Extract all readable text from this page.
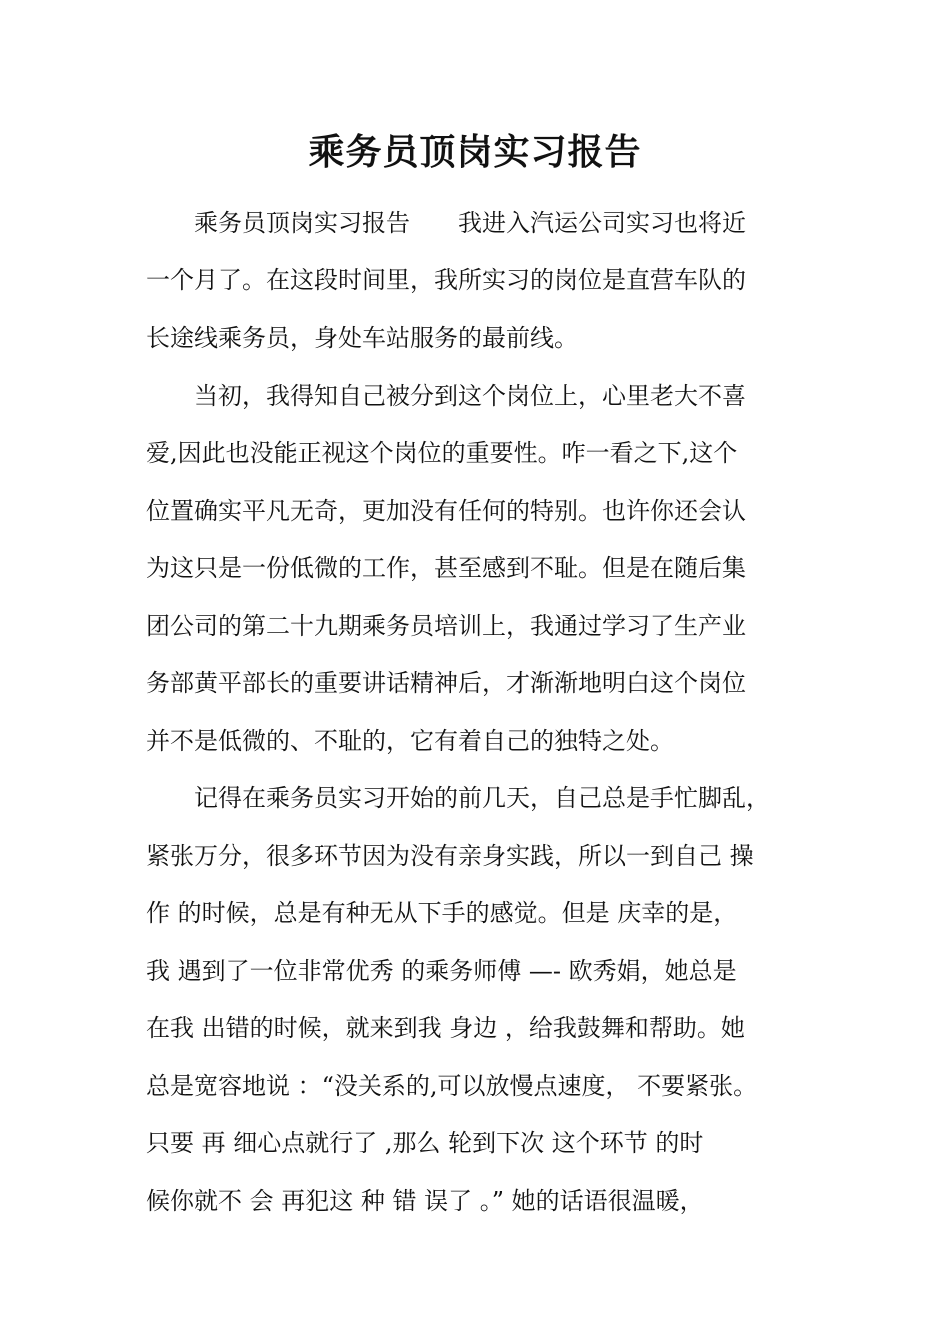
乘务员顶岗实习报告
　　乘务员顶岗实习报告　　我进入汽运公司实习也将近
一个月了。在这段时间里，我所实习的岗位是直营车队的
长途线乘务员，身处车站服务的最前线。
　　当初，我得知自己被分到这个岗位上，心里老大不喜
爱,因此也没能正视这个岗位的重要性。咋一看之下,这个
位置确实平凡无奇，更加没有任何的特别。也许你还会认
为这只是一份低微的工作，甚至感到不耻。但是在随后集
团公司的第二十九期乘务员培训上，我通过学习了生产业
务部黄平部长的重要讲话精神后，才渐渐地明白这个岗位
并不是低微的、不耻的，它有着自己的独特之处。
　　记得在乘务员实习开始的前几天，自己总是手忙脚乱，
紧张万分，很多环节因为没有亲身实践，所以一到自己 操
作 的时候，总是有种无从下手的感觉。但是 庆幸的是，
我 遇到了一位非常优秀 的乘务师傅 —- 欧秀娟，她总是
在我 出错的时候，就来到我 身边 ，给我鼓舞和帮助。她
总是宽容地说 ：“没关系的,可以放慢点速度， 不要紧张。
只要 再 细心点就行了 ,那么 轮到下次 这个环节 的时
候你就不 会 再犯这 种 错 误了 。” 她的话语很温暖，
